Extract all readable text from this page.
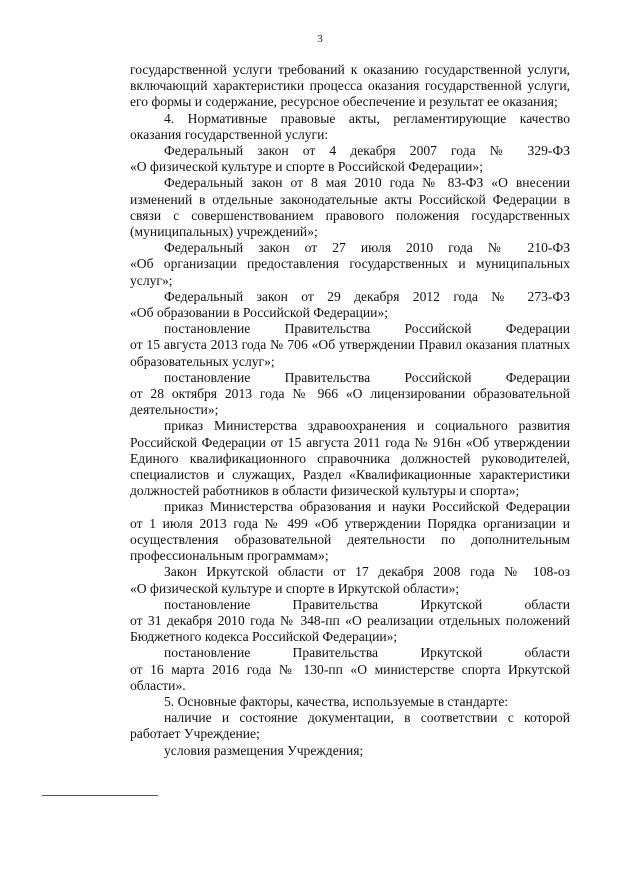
3
государственной услуги требований к оказанию государственной услуги,
включающий характеристики процесса оказания государственной услуги,
его формы и содержание, ресурсное обеспечение и результат ее оказания;
4. Нормативные правовые акты, регламентирующие качество
оказания государственной услуги:
Федеральный закон от 4 декабря 2007 года № 329-ФЗ
«О физической культуре и спорте в Российской Федерации»;
Федеральный закон от 8 мая 2010 года № 83-ФЗ «О внесении
изменений в отдельные законодательные акты Российской Федерации в
связи с совершенствованием правового положения государственных
(муниципальных) учреждений»;
Федеральный закон от 27 июля 2010 года № 210-ФЗ
«Об организации предоставления государственных и муниципальных
услуг»;
Федеральный закон от 29 декабря 2012 года № 273-ФЗ
«Об образовании в Российской Федерации»;
постановление Правительства Российской Федерации
от 15 августа 2013 года № 706 «Об утверждении Правил оказания платных
образовательных услуг»;
постановление Правительства Российской Федерации
от 28 октября 2013 года № 966 «О лицензировании образовательной
деятельности»;
приказ Министерства здравоохранения и социального развития
Российской Федерации от 15 августа 2011 года № 916н «Об утверждении
Единого квалификационного справочника должностей руководителей,
специалистов и служащих, Раздел «Квалификационные характеристики
должностей работников в области физической культуры и спорта»;
приказ Министерства образования и науки Российской Федерации
от 1 июля 2013 года № 499 «Об утверждении Порядка организации и
осуществления образовательной деятельности по дополнительным
профессиональным программам»;
Закон Иркутской области от 17 декабря 2008 года № 108-оз
«О физической культуре и спорте в Иркутской области»;
постановление Правительства Иркутской области
от 31 декабря 2010 года № 348-пп «О реализации отдельных положений
Бюджетного кодекса Российской Федерации»;
постановление Правительства Иркутской области
от 16 марта 2016 года № 130-пп «О министерстве спорта Иркутской
области».
5. Основные факторы, качества, используемые в стандарте:
наличие и состояние документации, в соответствии с которой
работает Учреждение;
условия размещения Учреждения;
